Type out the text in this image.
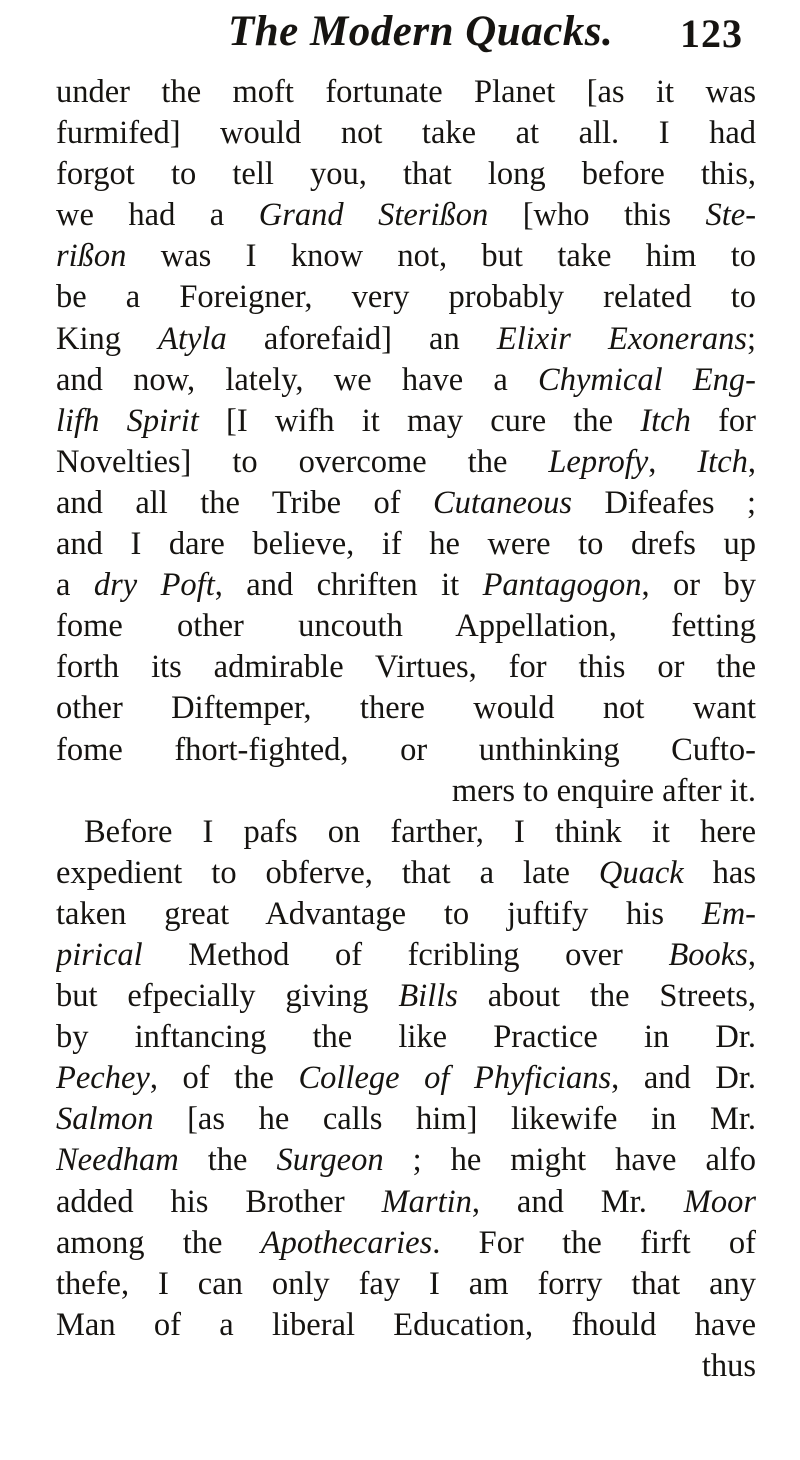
The Modern Quacks. 123
under the moft fortunate Planet [as it was
furmifed] would not take at all. I had
forgot to tell you, that long before this,
we had a Grand Sterißon [who this Ste-
rißon was I know not, but take him to
be a Foreigner, very probably related to
King Atyla aforefaid] an Elixir Exonerans;
and now, lately, we have a Chymical Eng-
lifh Spirit [I wifh it may cure the Itch for
Novelties] to overcome the Leprofy, Itch,
and all the Tribe of Cutaneous Difeafes ;
and I dare believe, if he were to drefs up
a dry Poft, and chriften it Pantagogon, or by
fome other uncouth Appellation, fetting
forth its admirable Virtues, for this or the
other Diftemper, there would not want
fome fhort-fighted, or unthinking Cufto-
mers to enquire after it.
Before I pafs on farther, I think it here
expedient to obferve, that a late Quack has
taken great Advantage to juftify his Em-
pirical Method of fcribling over Books,
but efpecially giving Bills about the Streets,
by inftancing the like Practice in Dr.
Pechey, of the College of Phyficians, and Dr.
Salmon [as he calls him] likewife in Mr.
Needham the Surgeon ; he might have alfo
added his Brother Martin, and Mr. Moor
among the Apothecaries. For the firft of
thefe, I can only fay I am forry that any
Man of a liberal Education, fhould have
thus
